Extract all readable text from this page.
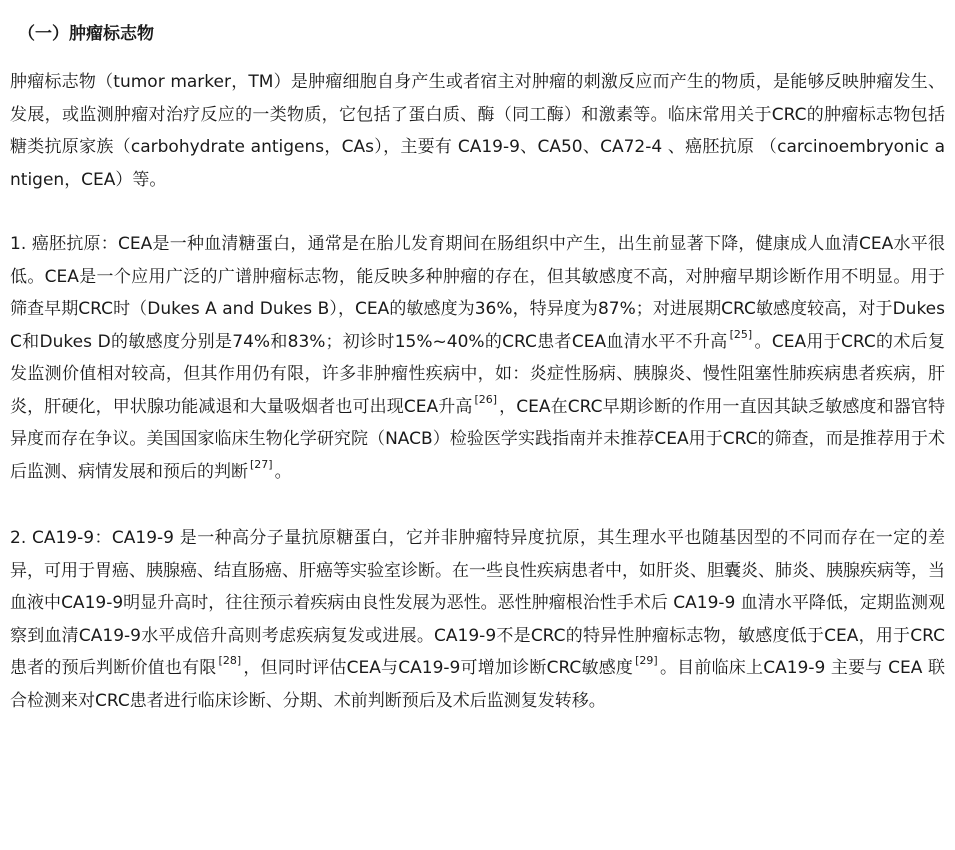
（一）肿瘤标志物

肿瘤标志物（tumor marker，TM）是肿瘤细胞自身产生或者宿主对肿瘤的刺激反应而产生的物质，是能够反映肿瘤发生、发展，或监测肿瘤对治疗反应的一类物质，它包括了蛋白质、酶（同工酶）和激素等。临床常用关于CRC的肿瘤标志物包括糖类抗原家族（carbohydrate antigens，CAs），主要有 CA19-9、CA50、CA72-4 、癌胚抗原 （carcinoembryonic antigen，CEA）等。

1. 癌胚抗原：CEA是一种血清糖蛋白，通常是在胎儿发育期间在肠组织中产生，出生前显著下降，健康成人血清CEA水平很低。CEA是一个应用广泛的广谱肿瘤标志物，能反映多种肿瘤的存在，但其敏感度不高，对肿瘤早期诊断作用不明显。用于筛查早期CRC时（Dukes A and Dukes B），CEA的敏感度为36%，特异度为87%；对进展期CRC敏感度较高，对于Dukes C和Dukes D的敏感度分别是74%和83%；初诊时15%~40%的CRC患者CEA血清水平不升高 [25] 。CEA用于CRC的术后复发监测价值相对较高，但其作用仍有限，许多非肿瘤性疾病中，如：炎症性肠病、胰腺炎、慢性阻塞性肺疾病患者疾病，肝炎，肝硬化，甲状腺功能减退和大量吸烟者也可出现CEA升高 [26] ，CEA在CRC早期诊断的作用一直因其缺乏敏感度和器官特异度而存在争议。美国国家临床生物化学研究院（NACB）检验医学实践指南并未推荐CEA用于CRC的筛查，而是推荐用于术后监测、病情发展和预后的判断 [27] 。

2. CA19-9：CA19-9 是一种高分子量抗原糖蛋白，它并非肿瘤特异度抗原，其生理水平也随基因型的不同而存在一定的差异，可用于胃癌、胰腺癌、结直肠癌、肝癌等实验室诊断。在一些良性疾病患者中，如肝炎、胆囊炎、肺炎、胰腺疾病等，当血液中CA19-9明显升高时，往往预示着疾病由良性发展为恶性。恶性肿瘤根治性手术后 CA19-9 血清水平降低，定期监测观察到血清CA19-9水平成倍升高则考虑疾病复发或进展。CA19-9不是CRC的特异性肿瘤标志物，敏感度低于CEA，用于CRC患者的预后判断价值也有限 [28] ，但同时评估CEA与CA19-9可增加诊断CRC敏感度 [29] 。目前临床上CA19-9 主要与 CEA 联合检测来对CRC患者进行临床诊断、分期、术前判断预后及术后监测复发转移。
